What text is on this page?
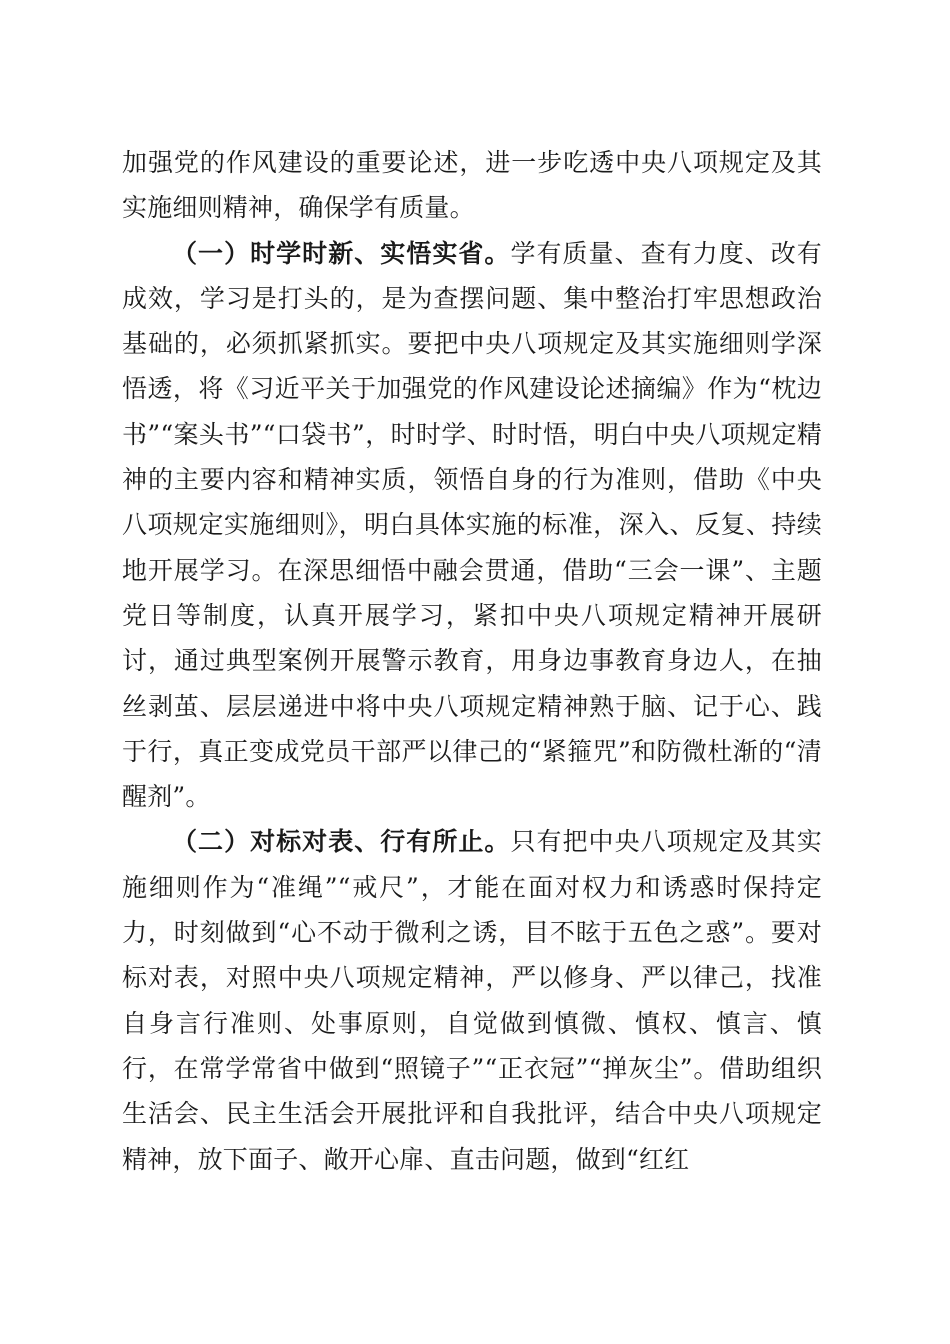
加强党的作风建设的重要论述，进一步吃透中央八项规定及其实施细则精神，确保学有质量。

（一）时学时新、实悟实省。学有质量、查有力度、改有成效，学习是打头的，是为查摆问题、集中整治打牢思想政治基础的，必须抓紧抓实。要把中央八项规定及其实施细则学深悟透，将《习近平关于加强党的作风建设论述摘编》作为“枕边书”“案头书”“口袋书”，时时学、时时悟，明白中央八项规定精神的主要内容和精神实质，领悟自身的行为准则，借助《中央八项规定实施细则》，明白具体实施的标准，深入、反复、持续地开展学习。在深思细悟中融会贯通，借助“三会一课”、主题党日等制度，认真开展学习，紧扣中央八项规定精神开展研讨，通过典型案例开展警示教育，用身边事教育身边人，在抽丝剥茧、层层递进中将中央八项规定精神熟于脑、记于心、践于行，真正变成党员干部严以律己的“紧箍咒”和防微杜渐的“清醒剂”。

（二）对标对表、行有所止。只有把中央八项规定及其实施细则作为“准绳”“戒尺”，才能在面对权力和诱惑时保持定力，时刻做到“心不动于微利之诱，目不眩于五色之惑”。要对标对表，对照中央八项规定精神，严以修身、严以律己，找准自身言行准则、处事原则，自觉做到慎微、慎权、慎言、慎行，在常学常省中做到“照镜子”“正衣冠”“掸灰尘”。借助组织生活会、民主生活会开展批评和自我批评，结合中央八项规定精神，放下面子、敞开心扉、直击问题，做到“红红
